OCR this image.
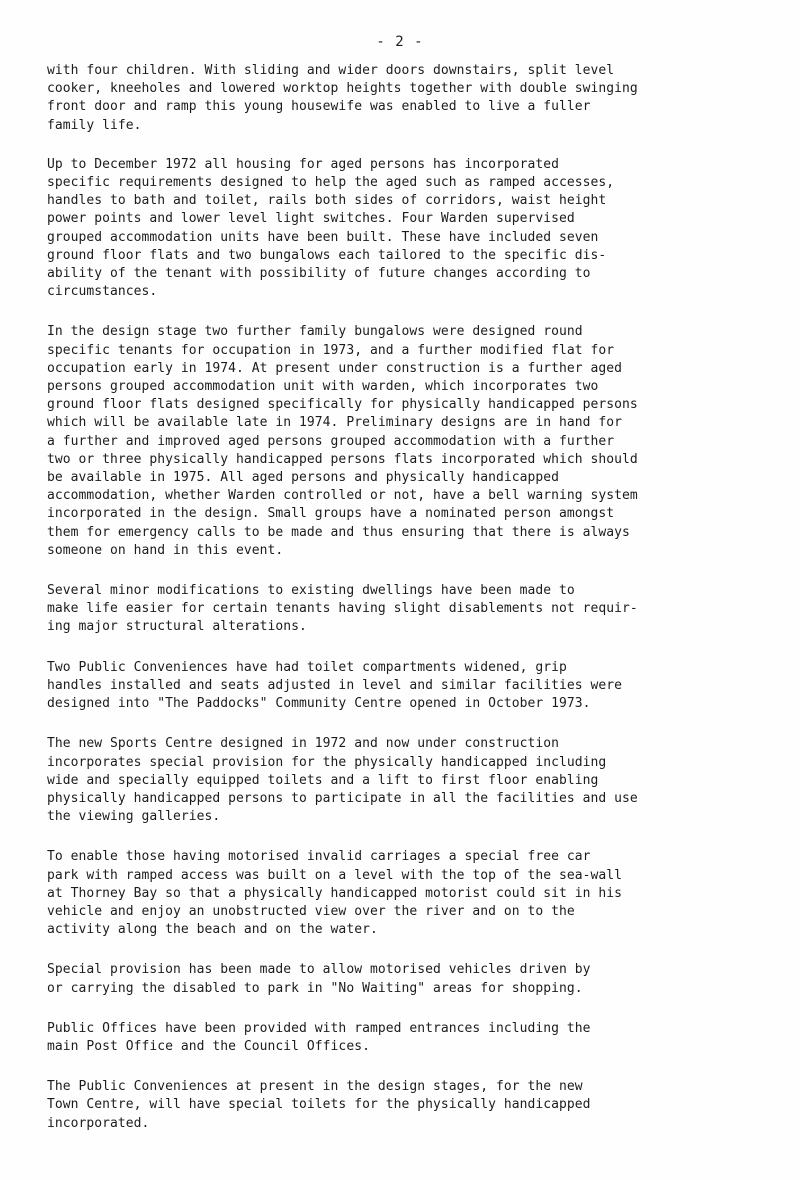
- 2 -

with four children. With sliding and wider doors downstairs, split level
cooker, kneeholes and lowered worktop heights together with double swinging
front door and ramp this young housewife was enabled to live a fuller
family life.

Up to December 1972 all housing for aged persons has incorporated
specific requirements designed to help the aged such as ramped accesses,
handles to bath and toilet, rails both sides of corridors, waist height
power points and lower level light switches. Four Warden supervised
grouped accommodation units have been built. These have included seven
ground floor flats and two bungalows each tailored to the specific dis-
ability of the tenant with possibility of future changes according to
circumstances.

In the design stage two further family bungalows were designed round
specific tenants for occupation in 1973, and a further modified flat for
occupation early in 1974. At present under construction is a further aged
persons grouped accommodation unit with warden, which incorporates two
ground floor flats designed specifically for physically handicapped persons
which will be available late in 1974. Preliminary designs are in hand for
a further and improved aged persons grouped accommodation with a further
two or three physically handicapped persons flats incorporated which should
be available in 1975. All aged persons and physically handicapped
accommodation, whether Warden controlled or not, have a bell warning system
incorporated in the design. Small groups have a nominated person amongst
them for emergency calls to be made and thus ensuring that there is always
someone on hand in this event.

Several minor modifications to existing dwellings have been made to
make life easier for certain tenants having slight disablements not requir-
ing major structural alterations.

Two Public Conveniences have had toilet compartments widened, grip
handles installed and seats adjusted in level and similar facilities were
designed into "The Paddocks" Community Centre opened in October 1973.

The new Sports Centre designed in 1972 and now under construction
incorporates special provision for the physically handicapped including
wide and specially equipped toilets and a lift to first floor enabling
physically handicapped persons to participate in all the facilities and use
the viewing galleries.

To enable those having motorised invalid carriages a special free car
park with ramped access was built on a level with the top of the sea-wall
at Thorney Bay so that a physically handicapped motorist could sit in his
vehicle and enjoy an unobstructed view over the river and on to the
activity along the beach and on the water.

Special provision has been made to allow motorised vehicles driven by
or carrying the disabled to park in "No Waiting" areas for shopping.

Public Offices have been provided with ramped entrances including the
main Post Office and the Council Offices.

The Public Conveniences at present in the design stages, for the new
Town Centre, will have special toilets for the physically handicapped
incorporated.
